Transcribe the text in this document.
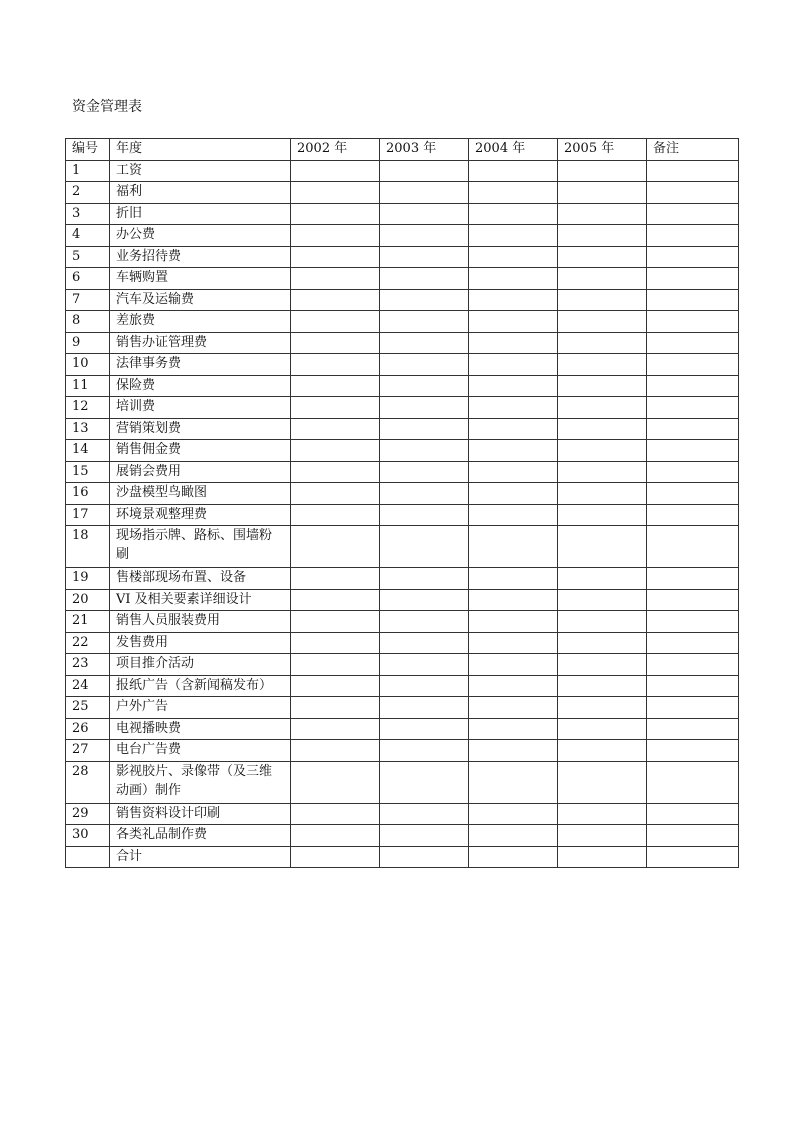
资金管理表
编号	年度	2002 年	2003 年	2004 年	2005 年	备注
1	工资					
2	福利					
3	折旧					
4	办公费					
5	业务招待费					
6	车辆购置					
7	汽车及运输费					
8	差旅费					
9	销售办证管理费					
10	法律事务费					
11	保险费					
12	培训费					
13	营销策划费					
14	销售佣金费					
15	展销会费用					
16	沙盘模型鸟瞰图					
17	环境景观整理费					
18	现场指示牌、路标、围墙粉刷					
19	售楼部现场布置、设备					
20	VI 及相关要素详细设计					
21	销售人员服装费用					
22	发售费用					
23	项目推介活动					
24	报纸广告（含新闻稿发布）					
25	户外广告					
26	电视播映费					
27	电台广告费					
28	影视胶片、录像带（及三维动画）制作					
29	销售资料设计印刷					
30	各类礼品制作费					
	合计					
